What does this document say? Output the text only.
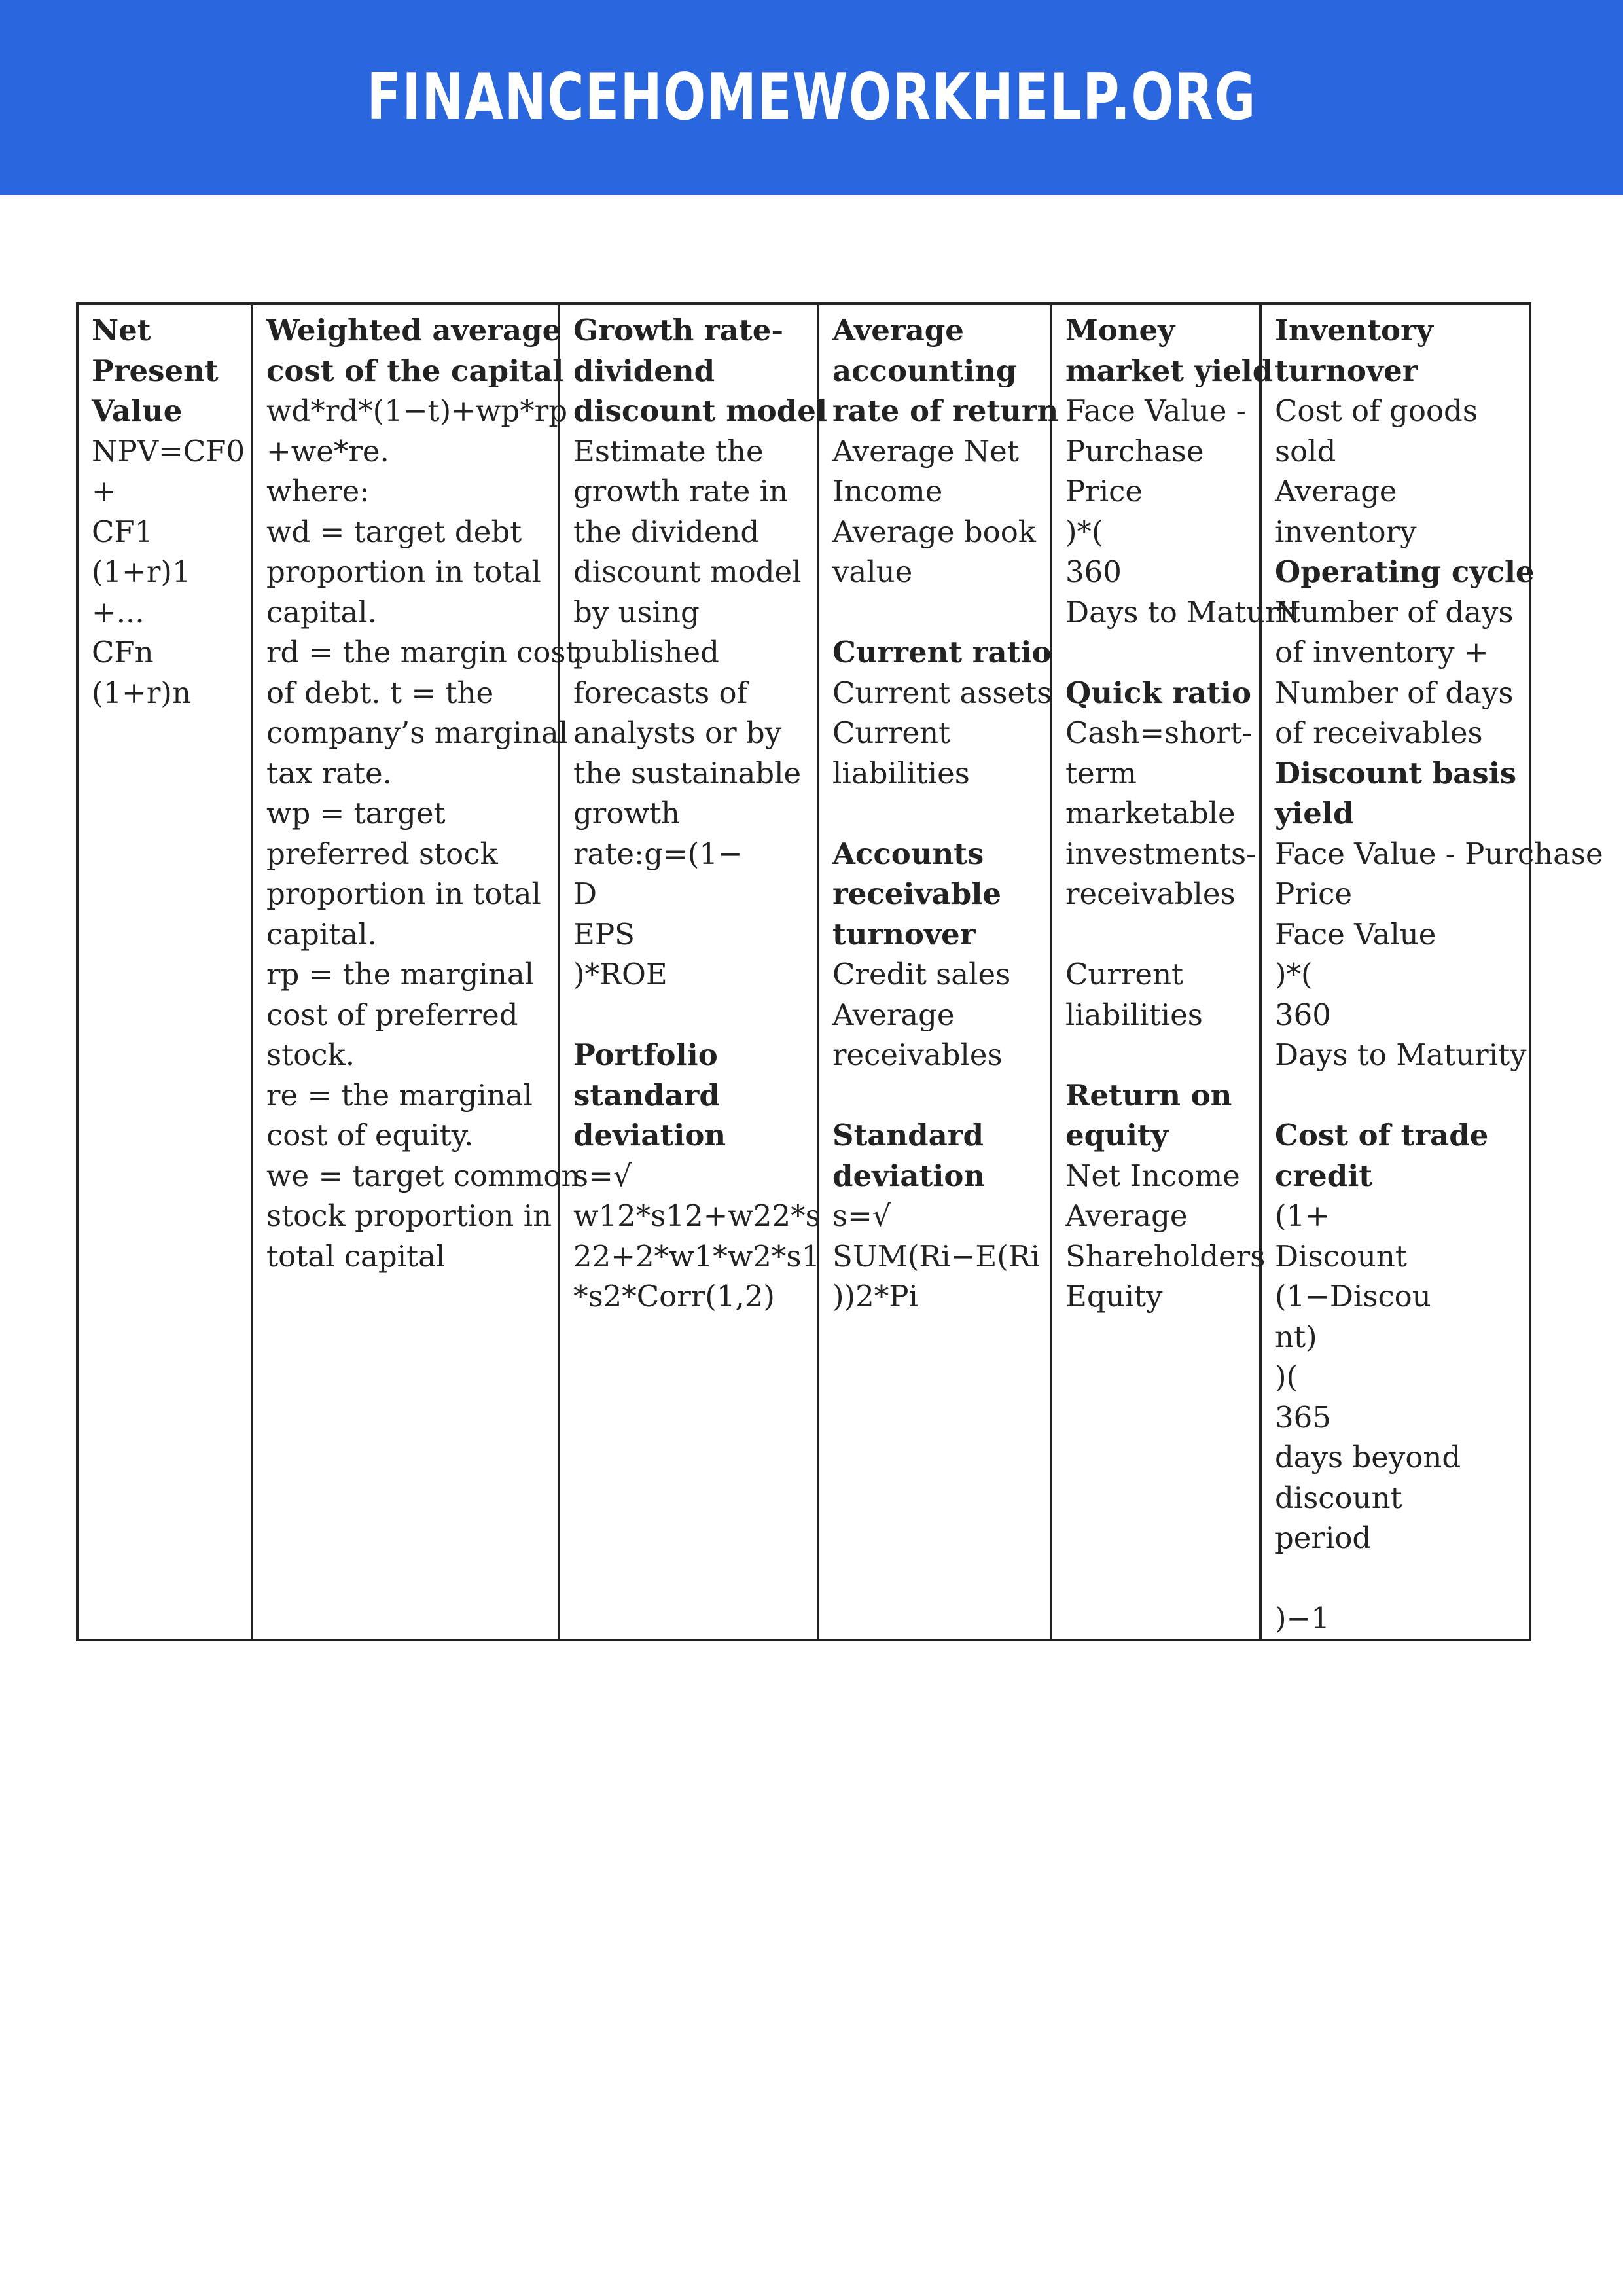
FINANCEHOMEWORKHELP.ORG
Net
Present
Value
NPV=CF0
+
CF1
(1+r)1
+...
CFn
(1+r)n

Weighted average
cost of the capital
wd*rd*(1−t)+wp*rp
+we*re.
where:
wd = target debt
proportion in total
capital.
rd = the margin cost
of debt. t = the
company’s marginal
tax rate.
wp = target
preferred stock
proportion in total
capital.
rp = the marginal
cost of preferred
stock.
re = the marginal
cost of equity.
we = target common
stock proportion in
total capital

Growth rate-
dividend
discount model
Estimate the
growth rate in
the dividend
discount model
by using
published
forecasts of
analysts or by
the sustainable
growth
rate:g=(1−
D
EPS
)*ROE
Portfolio
standard
deviation
s=√
w12*s12+w22*s
22+2*w1*w2*s1
*s2*Corr(1,2)

Average
accounting
rate of return
Average Net
Income
Average book
value
Current ratio
Current assets
Current
liabilities
Accounts
receivable
turnover
Credit sales
Average
receivables
Standard
deviation
s=√
SUM(Ri−E(Ri
))2*Pi

Money
market yield
Face Value -
Purchase
Price
)*(
360
Days to Maturit
Quick ratio
Cash=short-
term
marketable
investments-
receivables
Current
liabilities
Return on
equity
Net Income
Average
Shareholders
Equity

Inventory
turnover
Cost of goods
sold
Average
inventory
Operating cycle
Number of days
of inventory +
Number of days
of receivables
Discount basis
yield
Face Value - Purchase
Price
Face Value
)*(
360
Days to Maturity
Cost of trade
credit
(1+
Discount
(1−Discou
nt)
)(
365
days beyond
discount
period
)−1
